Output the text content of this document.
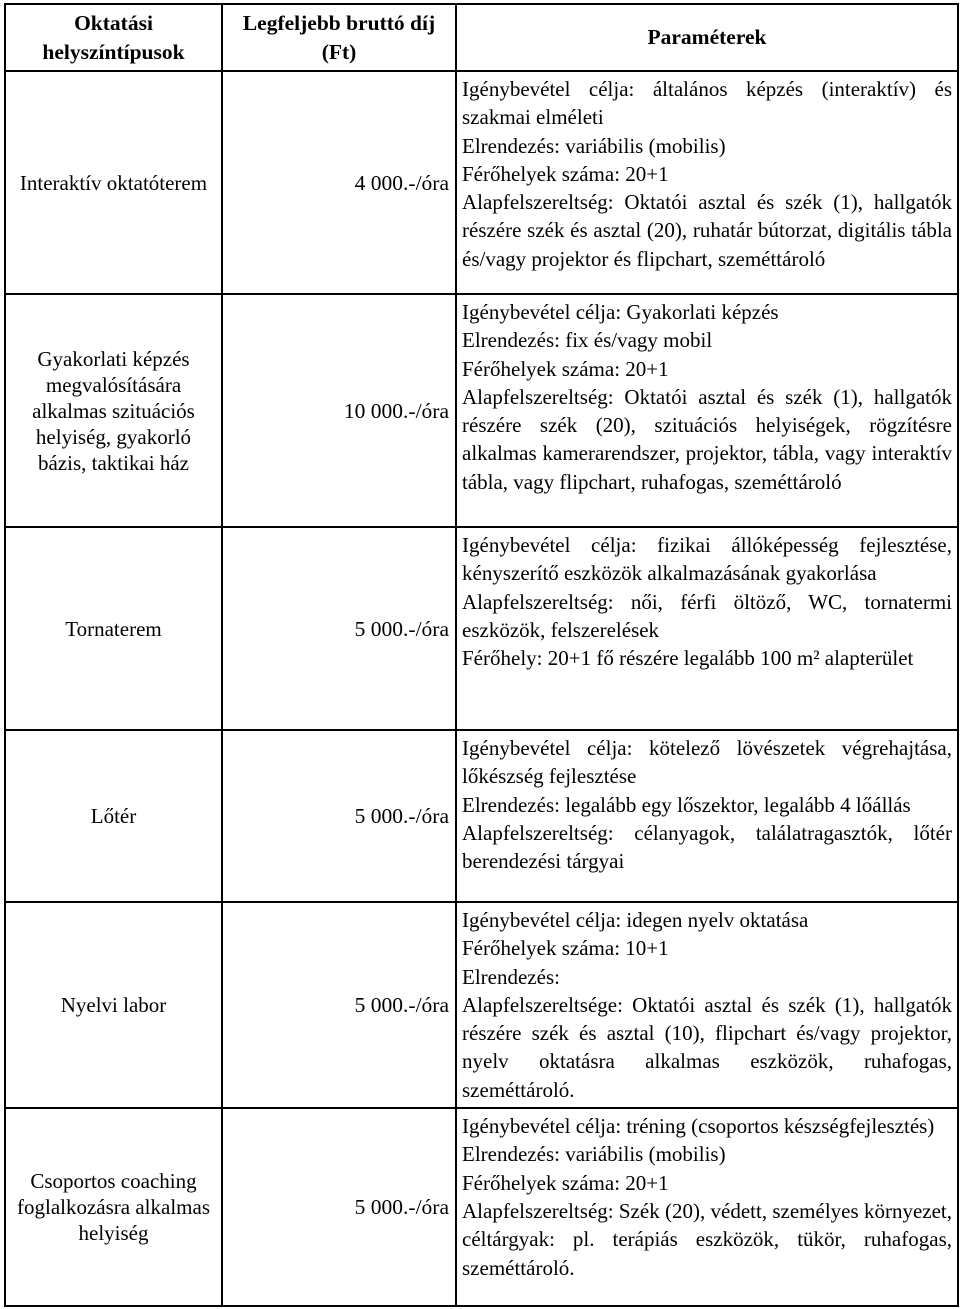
Oktatási helyszíntípusok	Legfeljebb bruttó díj (Ft)	Paraméterek
Interaktív oktatóterem	4 000.-/óra	Igénybevétel célja: általános képzés (interaktív) és szakmai elméleti

Elrendezés: variábilis (mobilis)

Férőhelyek száma: 20+1

Alapfelszereltség: Oktatói asztal és szék (1), hallgatók részére szék és asztal (20), ruhatár bútorzat, digitális tábla és/vagy projektor és flipchart, szeméttároló

Gyakorlati képzés megvalósítására alkalmas szituációs helyiség, gyakorló bázis, taktikai ház	10 000.-/óra	Igénybevétel célja: Gyakorlati képzés

Elrendezés: fix és/vagy mobil

Férőhelyek száma: 20+1

Alapfelszereltség: Oktatói asztal és szék (1), hallgatók részére szék (20), szituációs helyiségek, rögzítésre alkalmas kamerarendszer, projektor, tábla, vagy interaktív tábla, vagy flipchart, ruhafogas, szeméttároló

Tornaterem	5 000.-/óra	Igénybevétel célja: fizikai állóképesség fejlesztése, kényszerítő eszközök alkalmazásának gyakorlása

Alapfelszereltség: női, férfi öltöző, WC, tornatermi eszközök, felszerelések

Férőhely: 20+1 fő részére legalább 100 m² alapterület

Lőtér	5 000.-/óra	Igénybevétel célja: kötelező lövészetek végrehajtása, lőkészség fejlesztése

Elrendezés: legalább egy lőszektor, legalább 4 lőállás

Alapfelszereltség: célanyagok, találatragasztók, lőtér berendezési tárgyai

Nyelvi labor	5 000.-/óra	Igénybevétel célja: idegen nyelv oktatása

Férőhelyek száma: 10+1

Elrendezés:

Alapfelszereltsége: Oktatói asztal és szék (1), hallgatók részére szék és asztal (10), flipchart és/vagy projektor, nyelv oktatásra alkalmas eszközök, ruhafogas, szeméttároló.

Csoportos coaching foglalkozásra alkalmas helyiség	5 000.-/óra	Igénybevétel célja: tréning (csoportos készségfejlesztés)

Elrendezés: variábilis (mobilis)

Férőhelyek száma: 20+1

Alapfelszereltség: Szék (20), védett, személyes környezet, céltárgyak: pl. terápiás eszközök, tükör, ruhafogas, szeméttároló.
